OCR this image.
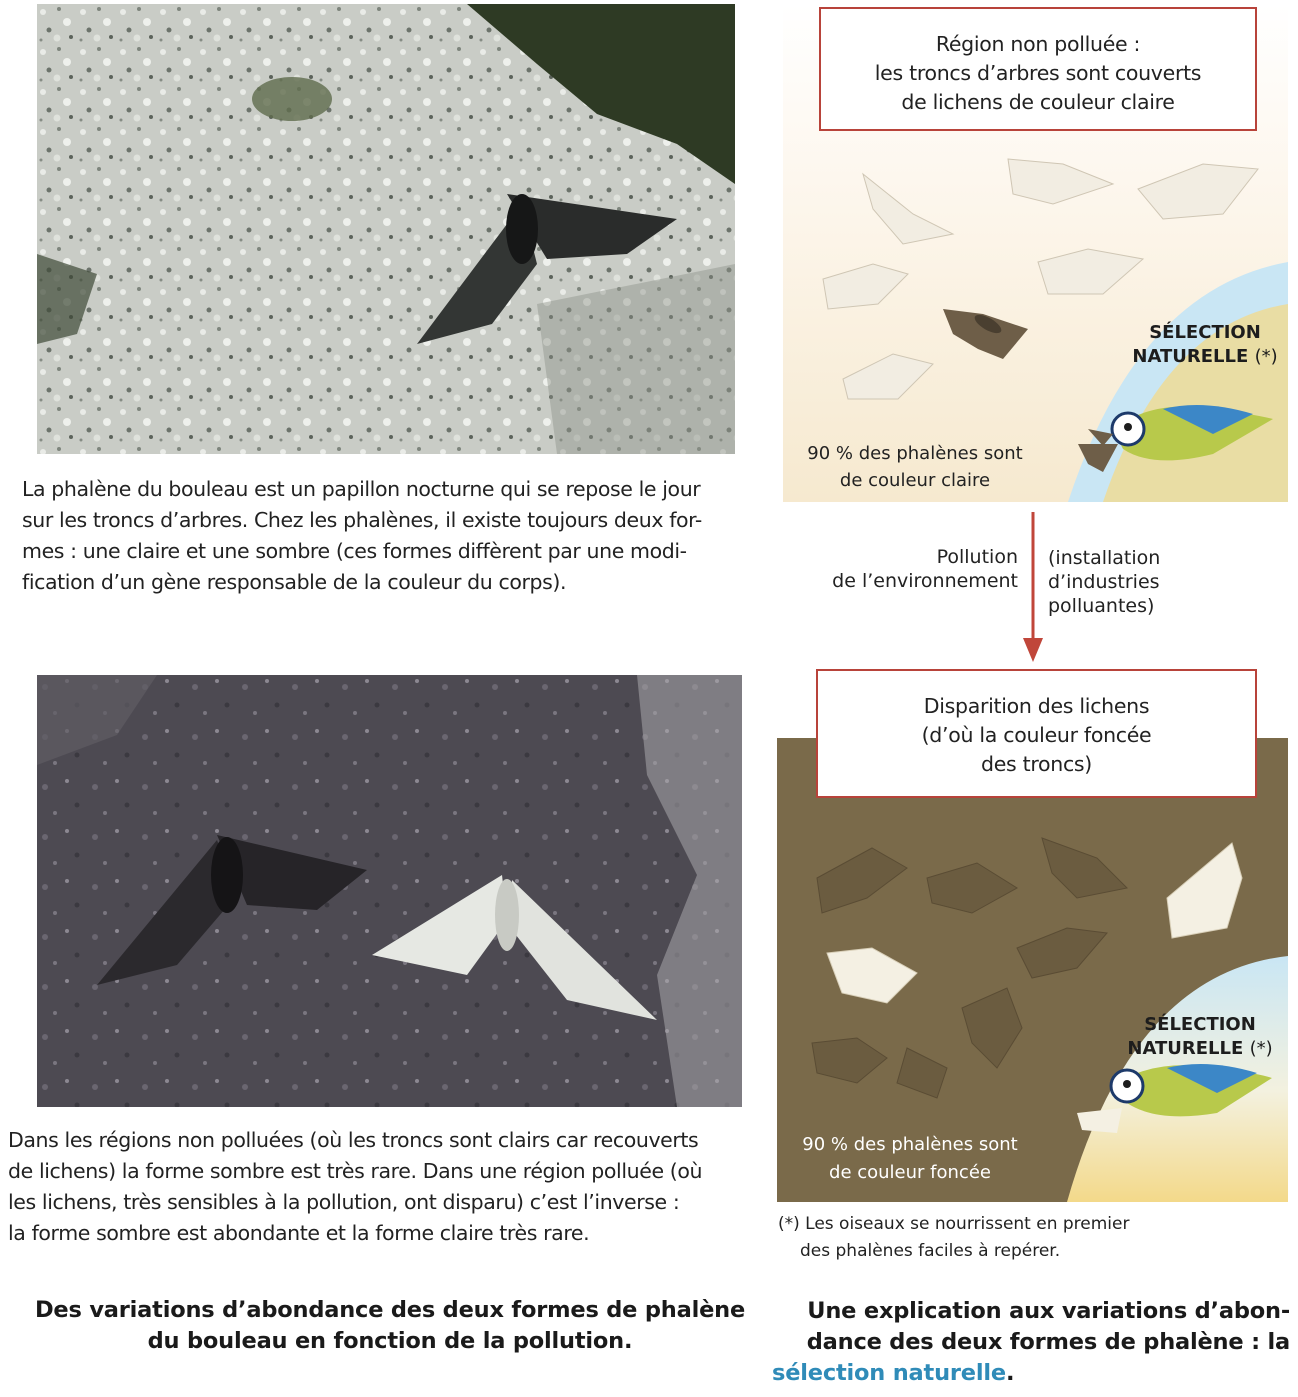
La phalène du bouleau est un papillon nocturne qui se repose le jour
sur les troncs d’arbres. Chez les phalènes, il existe toujours deux for-
mes : une claire et une sombre (ces formes diffèrent par une modi-
fication d’un gène responsable de la couleur du corps).
Dans les régions non polluées (où les troncs sont clairs car recouverts
de lichens) la forme sombre est très rare. Dans une région polluée (où
les lichens, très sensibles à la pollution, ont disparu) c’est l’inverse :
la forme sombre est abondante et la forme claire très rare.
Des variations d’abondance des deux formes de phalène
du bouleau en fonction de la pollution.
Région non polluée :
les troncs d’arbres sont couverts
de lichens de couleur claire
SÉLECTION
NATURELLE (*)
90 % des phalènes sont
de couleur claire
Pollution
de l’environnement
(installation
d’industries
polluantes)
Disparition des lichens
(d’où la couleur foncée
des troncs)
SÉLECTION
NATURELLE (*)
90 % des phalènes sont
de couleur foncée
(*) Les oiseaux se nourrissent en premier
des phalènes faciles à repérer.
Une explication aux variations d’abon-
dance des deux formes de phalène : la
sélection naturelle.
